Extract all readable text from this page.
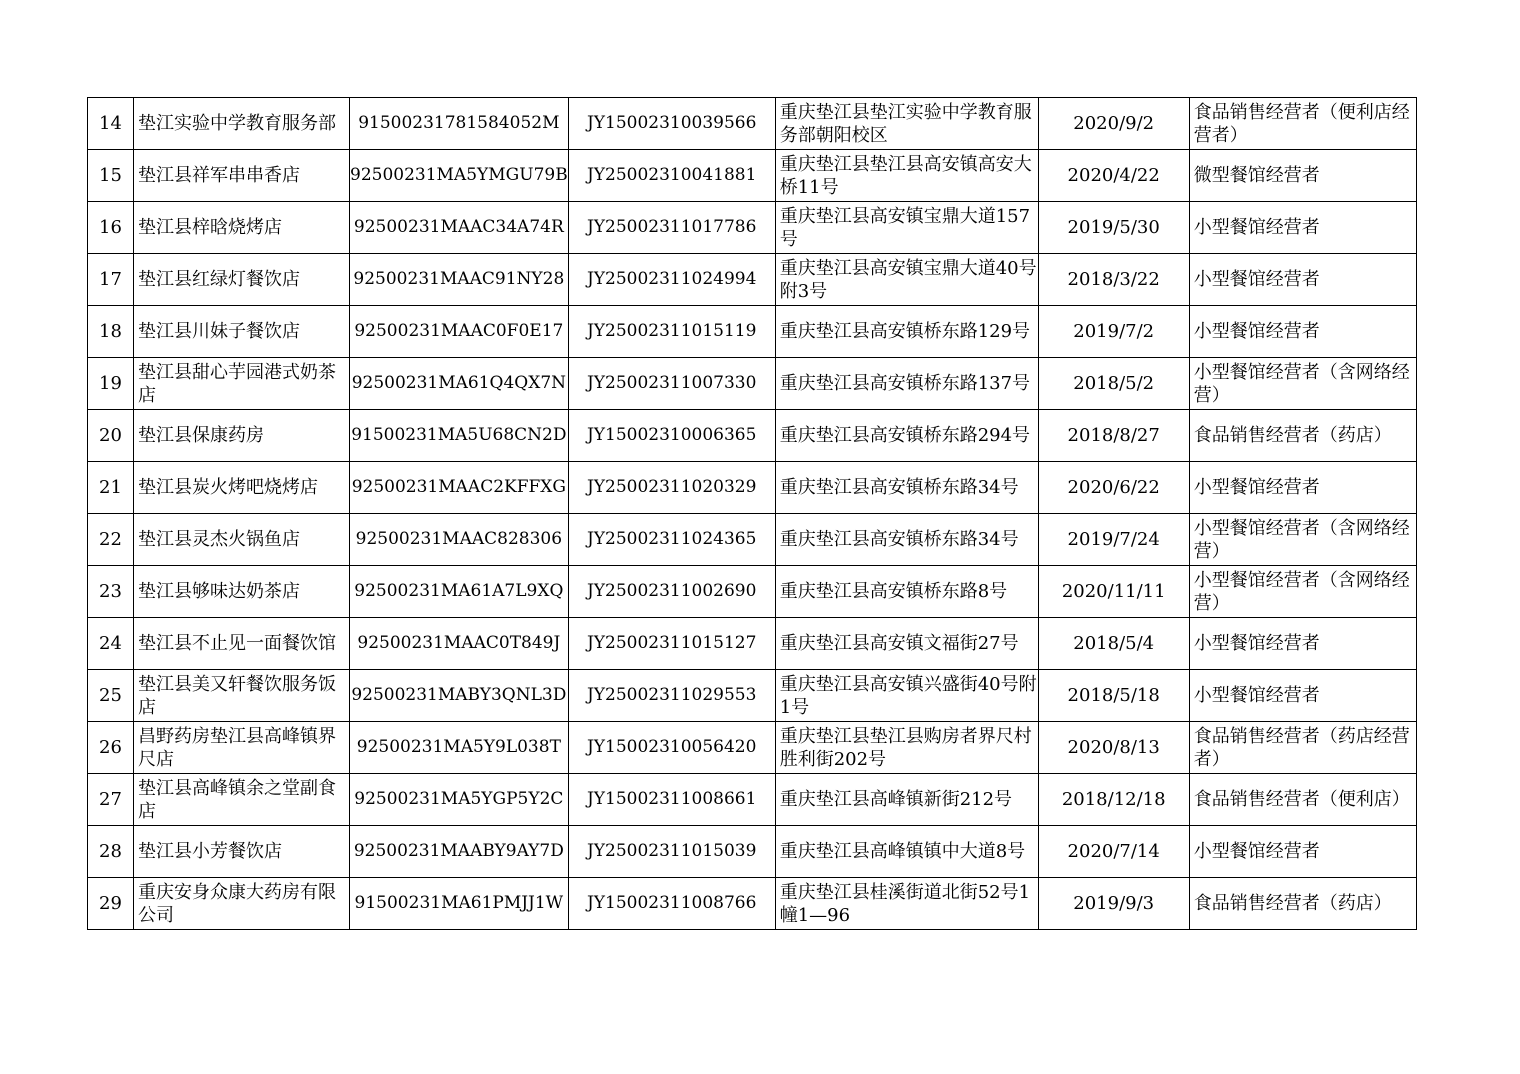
14	垫江实验中学教育服务部	91500231781584052M	JY15002310039566	重庆垫江县垫江实验中学教育服务部朝阳校区	2020/9/2	食品销售经营者（便利店经营者）
15	垫江县祥军串串香店	92500231MA5YMGU79B	JY25002310041881	重庆垫江县垫江县高安镇高安大桥11号	2020/4/22	微型餐馆经营者
16	垫江县梓晗烧烤店	92500231MAAC34A74R	JY25002311017786	重庆垫江县高安镇宝鼎大道157号	2019/5/30	小型餐馆经营者
17	垫江县红绿灯餐饮店	92500231MAAC91NY28	JY25002311024994	重庆垫江县高安镇宝鼎大道40号附3号	2018/3/22	小型餐馆经营者
18	垫江县川妹子餐饮店	92500231MAAC0F0E17	JY25002311015119	重庆垫江县高安镇桥东路129号	2019/7/2	小型餐馆经营者
19	垫江县甜心芋园港式奶茶店	92500231MA61Q4QX7N	JY25002311007330	重庆垫江县高安镇桥东路137号	2018/5/2	小型餐馆经营者（含网络经营）
20	垫江县保康药房	91500231MA5U68CN2D	JY15002310006365	重庆垫江县高安镇桥东路294号	2018/8/27	食品销售经营者（药店）
21	垫江县炭火烤吧烧烤店	92500231MAAC2KFFXG	JY25002311020329	重庆垫江县高安镇桥东路34号	2020/6/22	小型餐馆经营者
22	垫江县灵杰火锅鱼店	92500231MAAC828306	JY25002311024365	重庆垫江县高安镇桥东路34号	2019/7/24	小型餐馆经营者（含网络经营）
23	垫江县够味达奶茶店	92500231MA61A7L9XQ	JY25002311002690	重庆垫江县高安镇桥东路8号	2020/11/11	小型餐馆经营者（含网络经营）
24	垫江县不止见一面餐饮馆	92500231MAAC0T849J	JY25002311015127	重庆垫江县高安镇文福街27号	2018/5/4	小型餐馆经营者
25	垫江县美又轩餐饮服务饭店	92500231MABY3QNL3D	JY25002311029553	重庆垫江县高安镇兴盛街40号附1号	2018/5/18	小型餐馆经营者
26	昌野药房垫江县高峰镇界尺店	92500231MA5Y9L038T	JY15002310056420	重庆垫江县垫江县购房者界尺村胜利街202号	2020/8/13	食品销售经营者（药店经营者）
27	垫江县高峰镇余之堂副食店	92500231MA5YGP5Y2C	JY15002311008661	重庆垫江县高峰镇新街212号	2018/12/18	食品销售经营者（便利店）
28	垫江县小芳餐饮店	92500231MAABY9AY7D	JY25002311015039	重庆垫江县高峰镇镇中大道8号	2020/7/14	小型餐馆经营者
29	重庆安身众康大药房有限公司	91500231MA61PMJJ1W	JY15002311008766	重庆垫江县桂溪街道北街52号1幢1—96	2019/9/3	食品销售经营者（药店）
